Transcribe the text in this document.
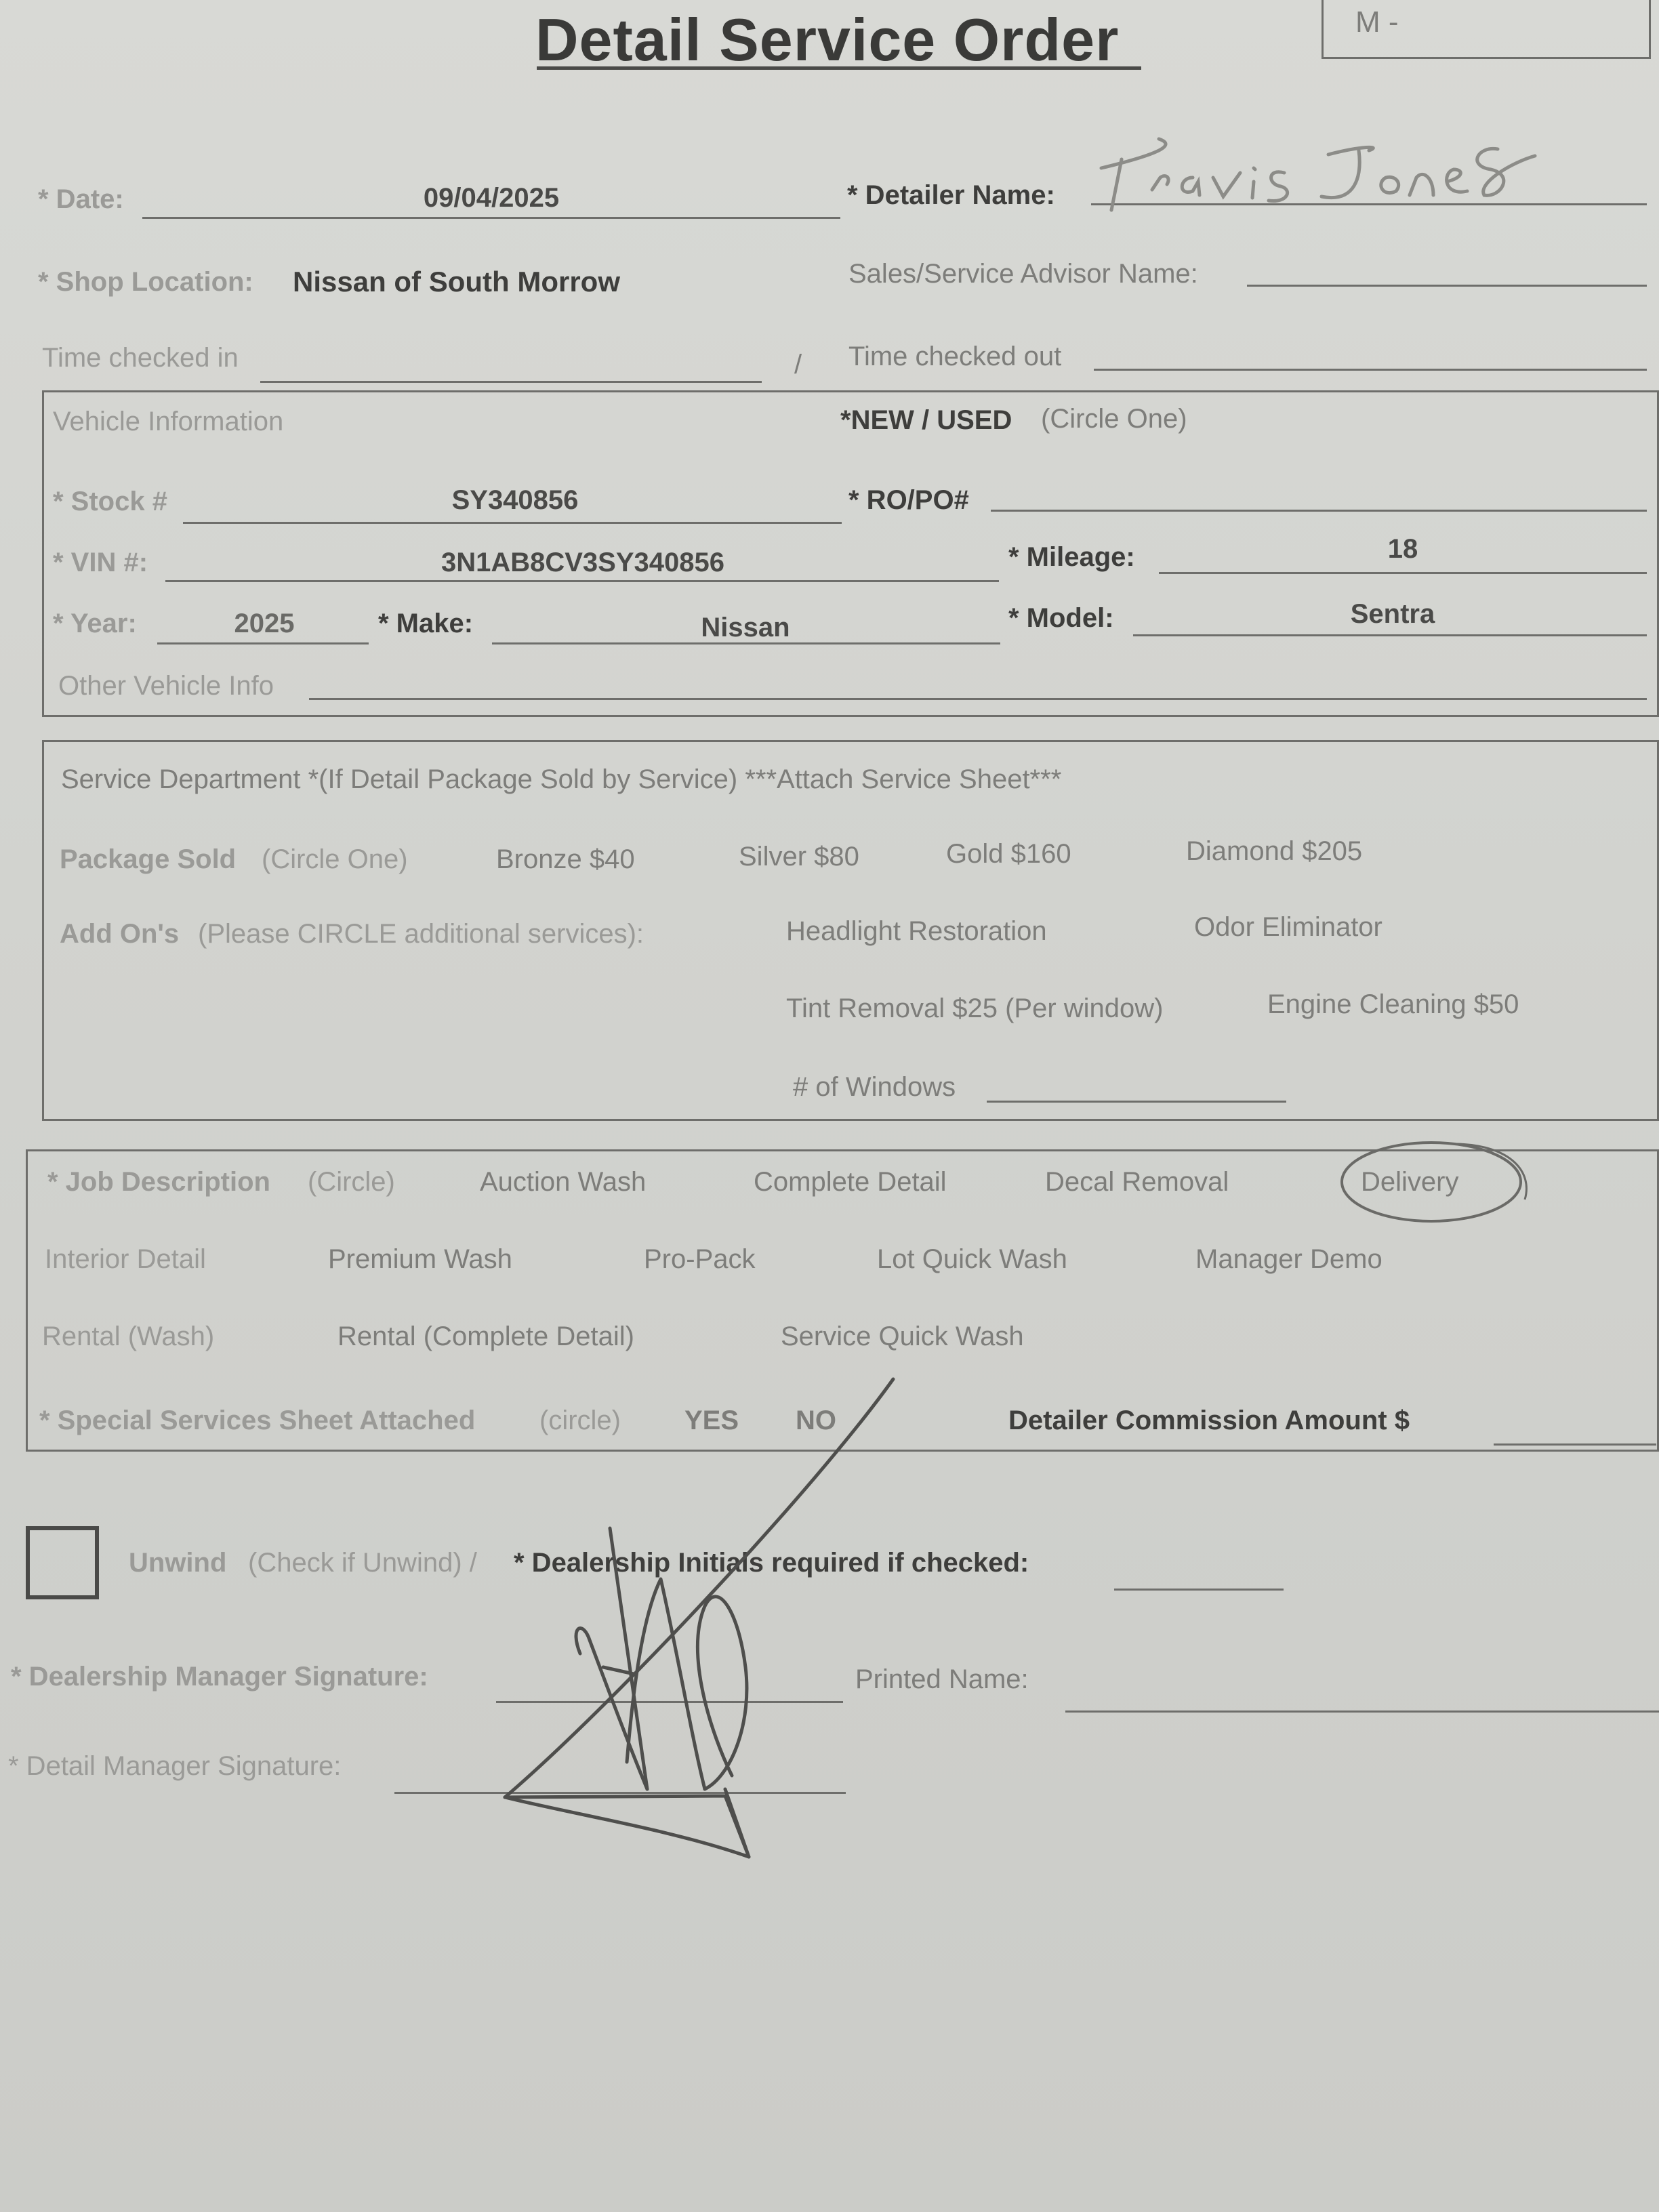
Detail Service Order	M -
* Date:	09/04/2025	* Detailer Name:
* Shop Location: Nissan of South Morrow	Sales/Service Advisor Name:
Time checked in	/ Time checked out
Vehicle Information	*NEW / USED (Circle One)
* Stock #	SY340856	* RO/PO#
* VIN #:	3N1AB8CV3SY340856	* Mileage:	18
* Year:	2025	* Make:	Nissan	* Model:	Sentra
Other Vehicle Info
Service Department *(If Detail Package Sold by Service) ***Attach Service Sheet***
Package Sold (Circle One)	Bronze $40	Silver $80	Gold $160	Diamond $205
Add On's (Please CIRCLE additional services):	Headlight Restoration	Odor Eliminator
Tint Removal $25 (Per window)	Engine Cleaning $50
# of Windows
* Job Description (Circle)	Auction Wash	Complete Detail	Decal Removal	Delivery
Interior Detail	Premium Wash	Pro-Pack	Lot Quick Wash	Manager Demo
Rental (Wash)	Rental (Complete Detail)	Service Quick Wash
* Special Services Sheet Attached (circle) YES NO	Detailer Commission Amount $
Unwind (Check if Unwind) / * Dealership Initials required if checked:
* Dealership Manager Signature:	Printed Name:
* Detail Manager Signature:
